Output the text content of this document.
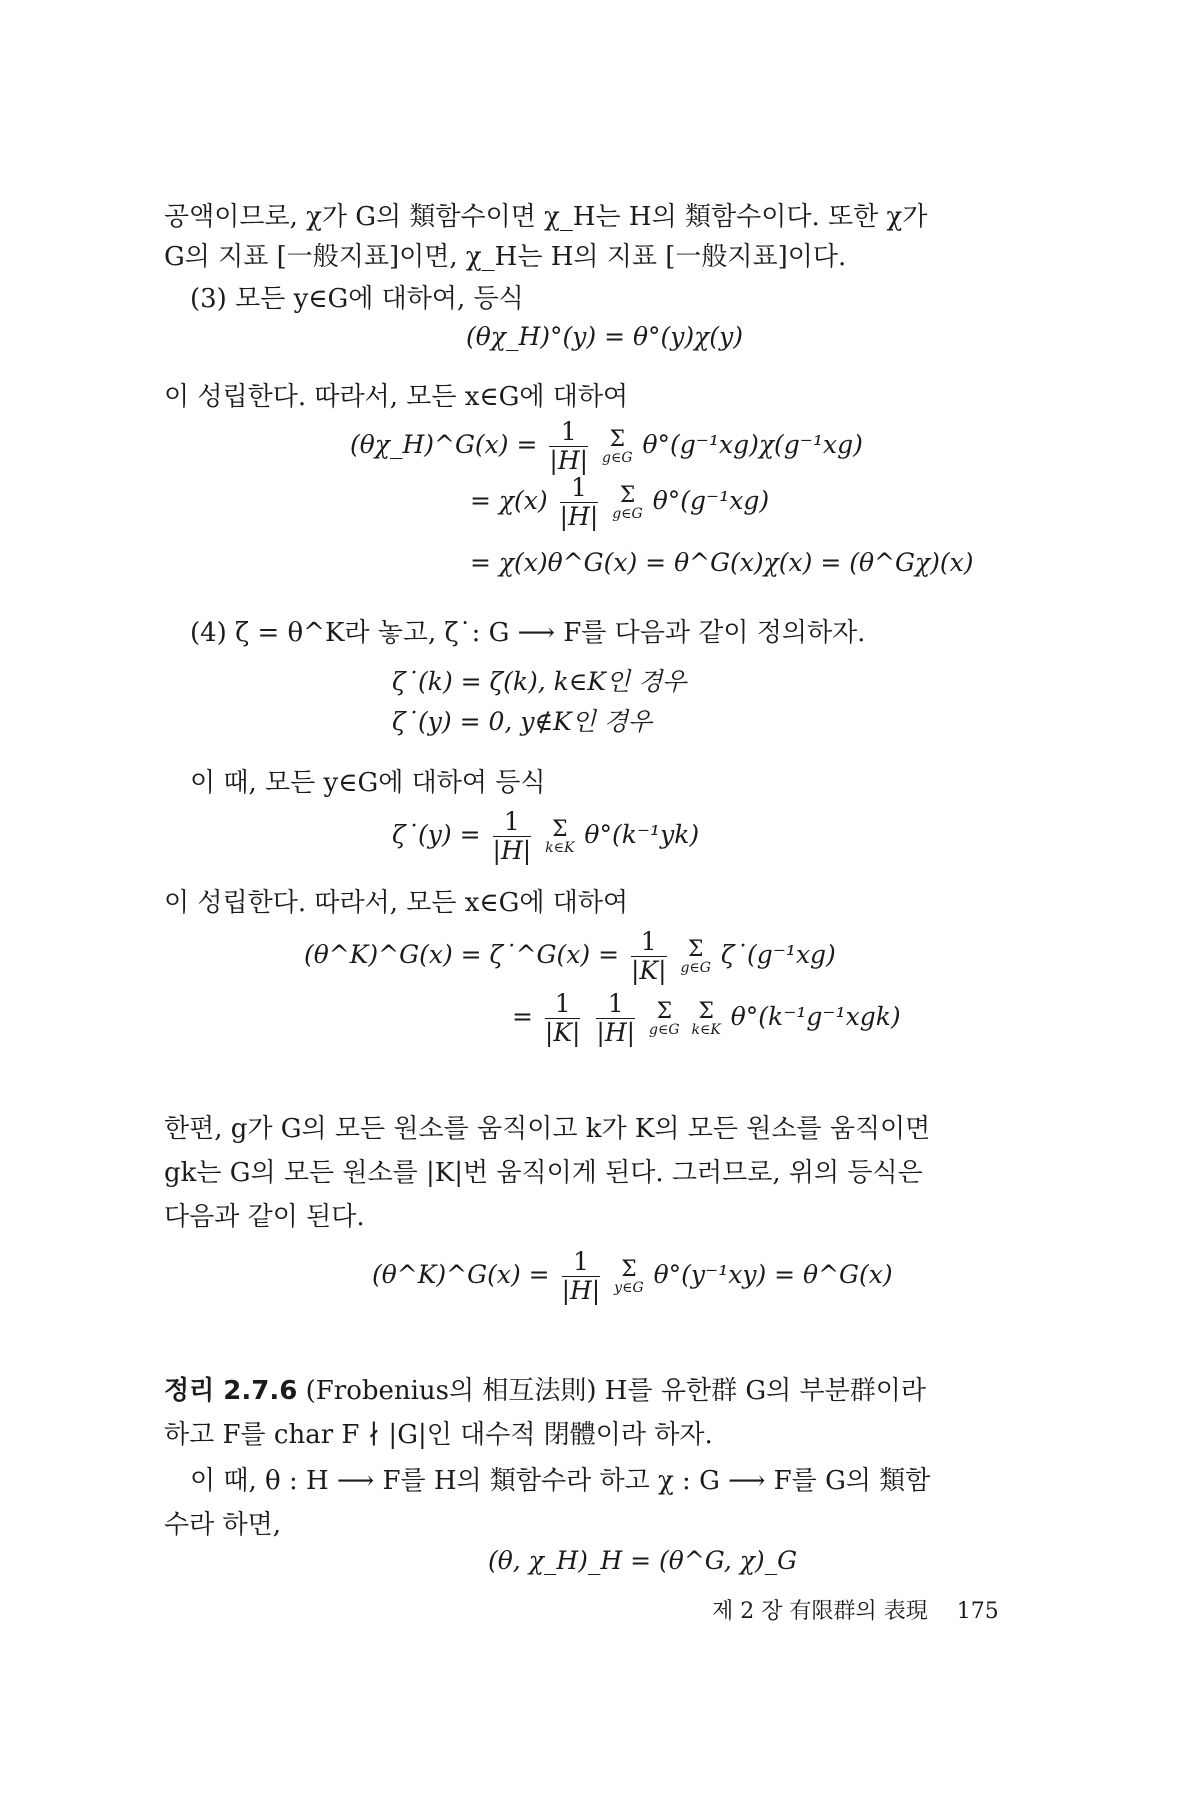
공액이므로, χ가 G의 類함수이면 χ_H는 H의 類함수이다. 또한 χ가
G의 지표 [一般지표]이면, χ_H는 H의 지표 [一般지표]이다.
(3) 모든 y∈G에 대하여, 등식
(θχ_H)°(y) = θ°(y)χ(y)
이 성립한다. 따라서, 모든 x∈G에 대하여
(θχ_H)^G(x) = $\frac{1}{|H|}$
Σ
g∈G θ°(g⁻¹xg)χ(g⁻¹xg)
= $\chi(x) \frac{1}{|H|}$
Σ
g∈G θ°(g⁻¹xg)
= χ(x)θ^G(x) = θ^G(x)χ(x) = (θ^Gχ)(x)
(4) ζ = θ^K라 놓고, ζ˙: G ⟶ F를 다음과 같이 정의하자.
ζ˙(k) = ζ(k), k∈K인 경우
ζ˙(y) = 0, y∉K인 경우
이 때, 모든 y∈G에 대하여 등식
ζ˙(y) = $\frac{1}{|H|}$
Σ
k∈K θ°(k⁻¹yk)
이 성립한다. 따라서, 모든 x∈G에 대하여
(θ^K)^G(x) = ζ˙^G(x) = $\frac{1}{|K|}$
Σ
g∈G ζ˙(g⁻¹xg)
= $\frac{1}{|K|}$
$\frac{1}{|H|}$
Σ
g∈G

Σ
k∈K θ°(k⁻¹g⁻¹xgk)
한편, g가 G의 모든 원소를 움직이고 k가 K의 모든 원소를 움직이면
gk는 G의 모든 원소를 |K|번 움직이게 된다. 그러므로, 위의 등식은
다음과 같이 된다.
(θ^K)^G(x) = $\frac{1}{|H|}$
Σ
y∈G θ°(y⁻¹xy) = θ^G(x)
정리 2.7.6 (Frobenius의 相互法則) H를 유한群 G의 부분群이라
하고 F를 char F ∤ |G|인 대수적 閉體이라 하자.
이 때, θ : H ⟶ F를 H의 類함수라 하고 χ : G ⟶ F를 G의 類함
수라 하면,
(θ, χ_H)_H = (θ^G, χ)_G
제 2 장 有限群의 表現 175
